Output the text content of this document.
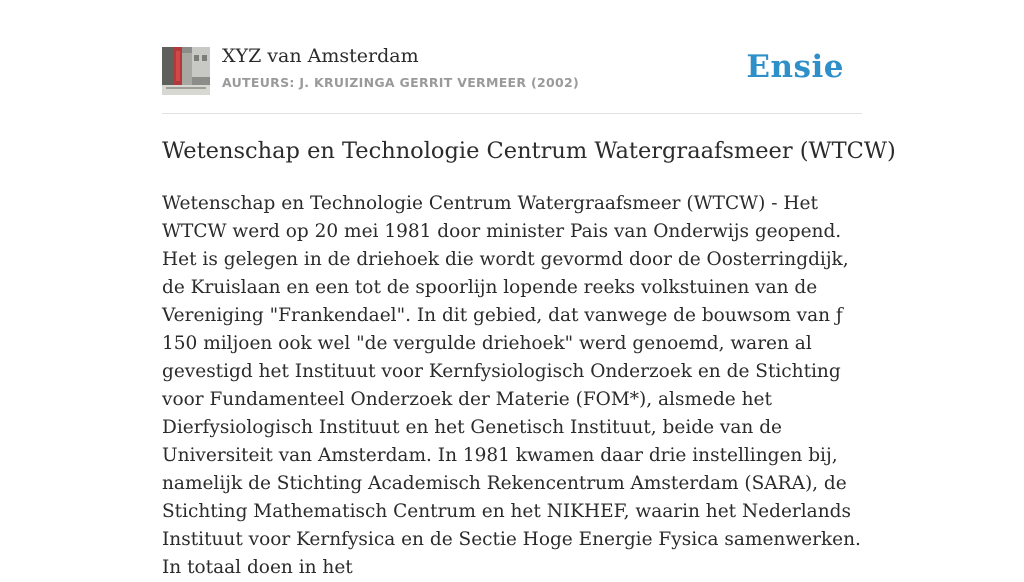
XYZ van Amsterdam
AUTEURS: J. KRUIZINGA GERRIT VERMEER (2002)	Ensie
Wetenschap en Technologie Centrum Watergraafsmeer (WTCW)

Wetenschap en Technologie Centrum Watergraafsmeer (WTCW) - Het WTCW werd op 20 mei 1981 door minister Pais van Onderwijs geopend. Het is gelegen in de driehoek die wordt gevormd door de Oosterringdijk, de Kruislaan en een tot de spoorlijn lopende reeks volkstuinen van de Vereniging "Frankendael". In dit gebied, dat vanwege de bouwsom van ƒ 150 miljoen ook wel "de vergulde driehoek" werd genoemd, waren al gevestigd het Instituut voor Kernfysiologisch Onderzoek en de Stichting voor Fundamenteel Onderzoek der Materie (FOM*), alsmede het Dierfysiologisch Instituut en het Genetisch Instituut, beide van de Universiteit van Amsterdam. In 1981 kwamen daar drie instellingen bij, namelijk de Stichting Academisch Rekencentrum Amsterdam (SARA), de Stichting Mathematisch Centrum en het NIKHEF, waarin het Nederlands Instituut voor Kernfysica en de Sectie Hoge Energie Fysica samenwerken. In totaal doen in het
